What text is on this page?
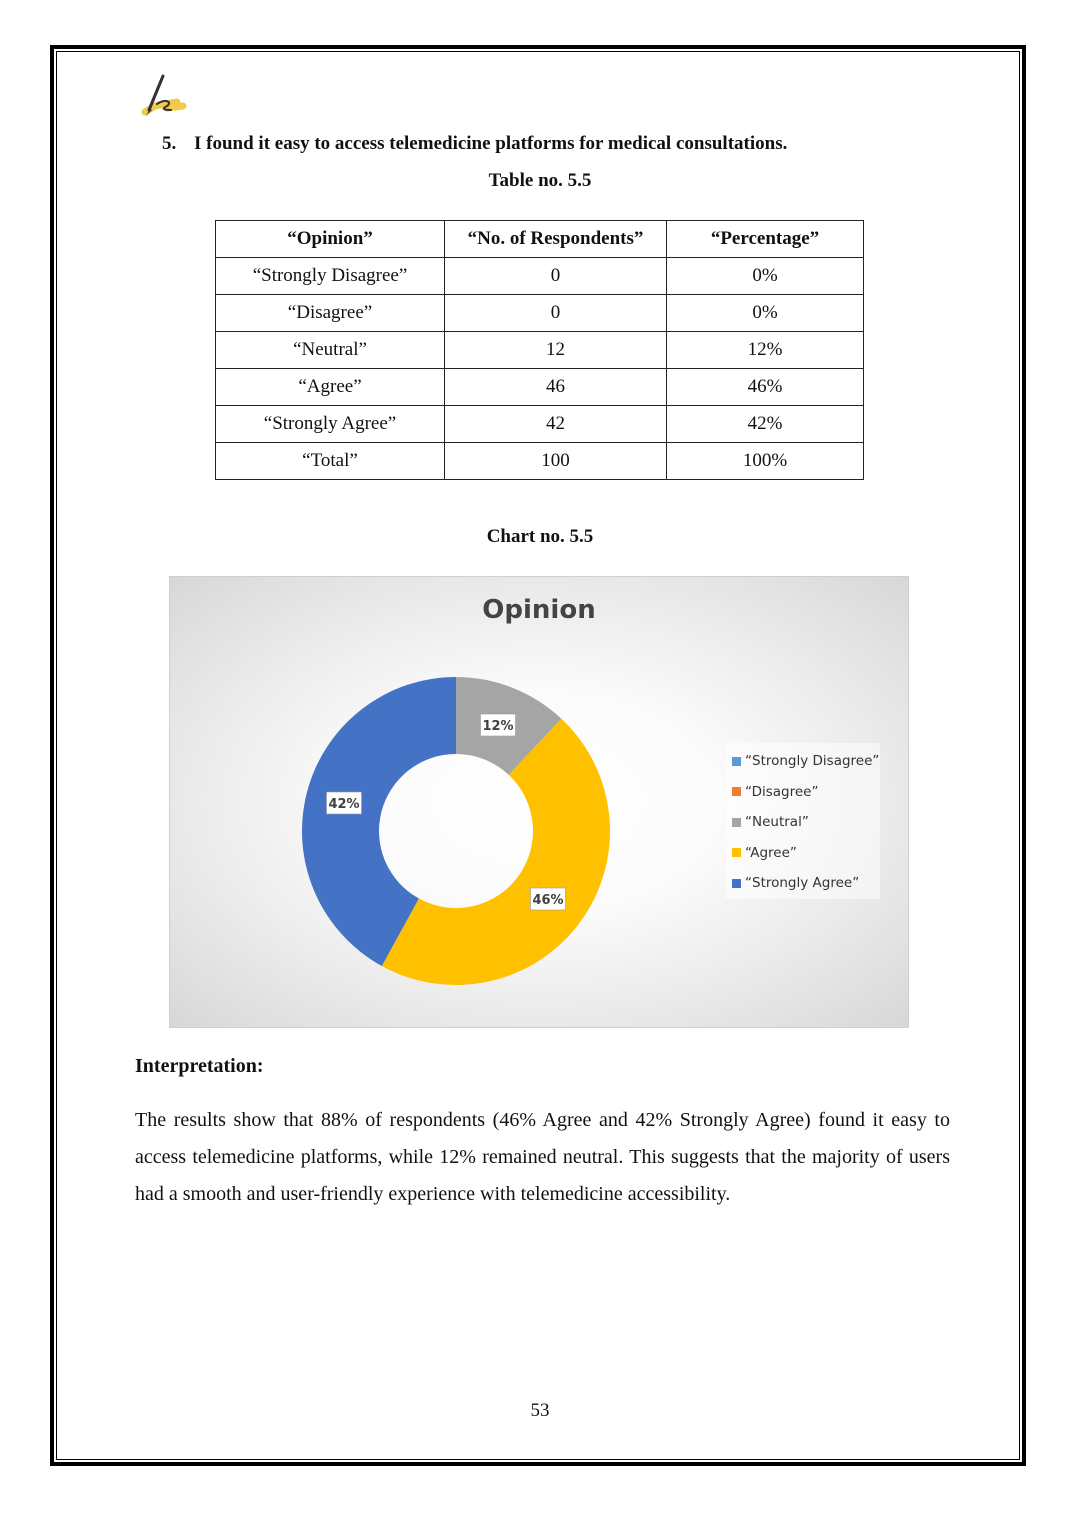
5. I found it easy to access telemedicine platforms for medical consultations.
Table no. 5.5
“Opinion”	“No. of Respondents”	“Percentage”
“Strongly Disagree”	0	0%
“Disagree”	0	0%
“Neutral”	12	12%
“Agree”	46	46%
“Strongly Agree”	42	42%
“Total”	100	100%
Chart no. 5.5
Opinion
12%
46%
42%
“Strongly Disagree”
“Disagree”
“Neutral”
“Agree”
“Strongly Agree”
Interpretation:
The results show that 88% of respondents (46% Agree and 42% Strongly Agree) found it easy to access telemedicine platforms, while 12% remained neutral. This suggests that the majority of users had a smooth and user-friendly experience with telemedicine accessibility.
53
